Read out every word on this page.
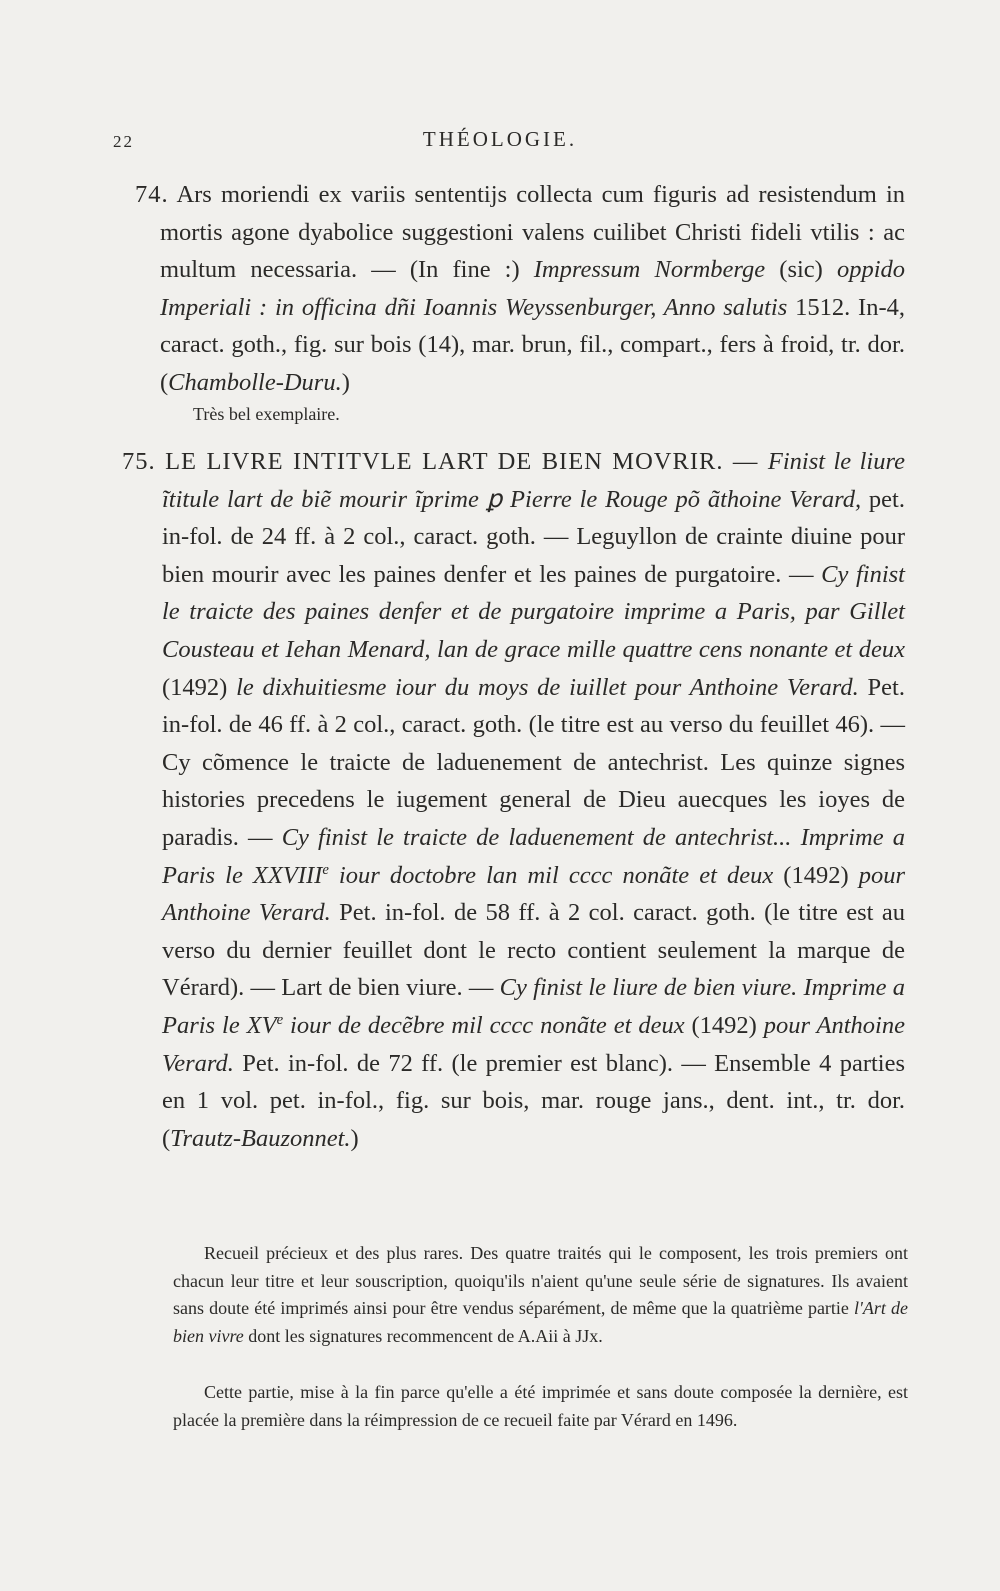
22	THÉOLOGIE.

74. Ars moriendi ex variis sententijs collecta cum figuris ad resistendum in mortis agone dyabolice suggestioni valens cuilibet Christi fideli vtilis : ac multum necessaria. — (In fine :) Impressum Normberge (sic) oppido Imperiali : in officina dñi Ioannis Weyssenburger, Anno salutis 1512. In-4, caract. goth., fig. sur bois (14), mar. brun, fil., compart., fers à froid, tr. dor. (Chambolle-Duru.)

Très bel exemplaire.

75. LE LIVRE INTITVLE LART DE BIEN MOVRIR. — Finist le liure ĩtitule lart de biẽ mourir ĩprime ꝑ Pierre le Rouge põ ãthoine Verard, pet. in-fol. de 24 ff. à 2 col., caract. goth. — Leguyllon de crainte diuine pour bien mourir avec les paines denfer et les paines de purgatoire. — Cy finist le traicte des paines denfer et de purgatoire imprime a Paris, par Gillet Cousteau et Iehan Menard, lan de grace mille quattre cens nonante et deux (1492) le dixhuitiesme iour du moys de iuillet pour Anthoine Verard. Pet. in-fol. de 46 ff. à 2 col., caract. goth. (le titre est au verso du feuillet 46). — Cy cõmence le traicte de laduenement de antechrist. Les quinze signes histories precedens le iugement general de Dieu auecques les ioyes de paradis. — Cy finist le traicte de laduenement de antechrist... Imprime a Paris le XXVIIIe iour doctobre lan mil cccc nonãte et deux (1492) pour Anthoine Verard. Pet. in-fol. de 58 ff. à 2 col. caract. goth. (le titre est au verso du dernier feuillet dont le recto contient seulement la marque de Vérard). — Lart de bien viure. — Cy finist le liure de bien viure. Imprime a Paris le XVe iour de decẽbre mil cccc nonãte et deux (1492) pour Anthoine Verard. Pet. in-fol. de 72 ff. (le premier est blanc). — Ensemble 4 parties en 1 vol. pet. in-fol., fig. sur bois, mar. rouge jans., dent. int., tr. dor. (Trautz-Bauzonnet.)

Recueil précieux et des plus rares. Des quatre traités qui le composent, les trois premiers ont chacun leur titre et leur souscription, quoiqu'ils n'aient qu'une seule série de signatures. Ils avaient sans doute été imprimés ainsi pour être vendus séparément, de même que la quatrième partie l'Art de bien vivre dont les signatures recommencent de A.Aii à JJx.

Cette partie, mise à la fin parce qu'elle a été imprimée et sans doute composée la dernière, est placée la première dans la réimpression de ce recueil faite par Vérard en 1496.
